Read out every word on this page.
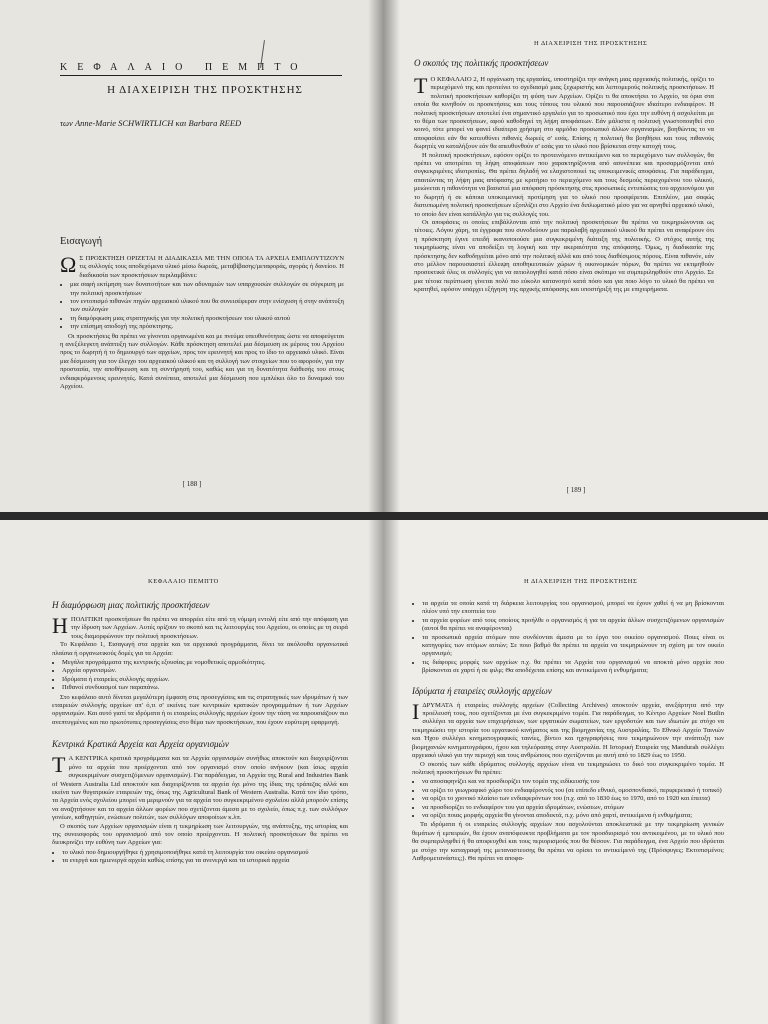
ΚΕΦΑΛΑΙΟ ΠΕΜΠΤΟ
Η ΔΙΑΧΕΙΡΙΣΗ ΤΗΣ ΠΡΟΣΚΤΗΣΗΣ
των Anne-Marie SCHWIRTLICH και Barbara REED
Εισαγωγή

Ω Σ ΠΡΟΣΚΤΗΣΗ ΟΡΙΖΕΤΑΙ Η ΔΙΑΔΙΚΑΣΙΑ ΜΕ ΤΗΝ ΟΠΟΙΑ ΤΑ ΑΡΧΕΙΑ ΕΜΠΛΟΥΤΙΖΟΥΝ τις συλλογές τους αποδεχόμενα υλικό μέσω δωρεάς, μεταβίβασης/μεταφοράς, αγοράς ή δανείου. Η διαδικασία των προσκτήσεων περιλαμβάνει:

• μια σαφή εκτίμηση των δυνατοτήτων και των αδυναμιών των υπαρχουσών συλλογών σε σύγκριση με την πολιτική προσκτήσεων
• τον εντοπισμό πιθανών πηγών αρχειακού υλικού που θα συνεισέφεραν στην ενίσχυση ή στην ανάπτυξη των συλλογών
• τη διαμόρφωση μιας στρατηγικής για την πολιτική προσκτήσεων του υλικού αυτού
• την επίσημη αποδοχή της πρόσκτησης.

Οι προσκτήσεις θα πρέπει να γίνονται οργανωμένα και με πνεύμα υπευθυνότητας ώστε να αποφεύγεται η ανεξέλεγκτη ανάπτυξη των συλλογών. Κάθε πρόσκτηση αποτελεί μια δέσμευση εκ μέρους του Αρχείου προς το δωρητή ή το δημιουργό των αρχείων, προς τον ερευνητή και προς το ίδιο το αρχειακό υλικό. Είναι μια δέσμευση για τον έλεγχο του αρχειακού υλικού και τη συλλογή των στοιχείων που το αφορούν, για την προστασία, την αποθήκευση και τη συντήρησή του, καθώς και για τη δυνατότητα διάθεσής του στους ενδιαφερόμενους ερευνητές. Κατά συνέπεια, αποτελεί μια δέσμευση που εμπλέκει όλο το δυναμικό του Αρχείου.

[ 188 ]
Η ΔΙΑΧΕΙΡΙΣΗ ΤΗΣ ΠΡΟΣΚΤΗΣΗΣ
Ο σκοπός της πολιτικής προσκτήσεων

Τ Ο ΚΕΦΑΛΑΙΟ 2, Η οργάνωση της εργασίας, υποστηρίζει την ανάγκη μιας αρχειακής πολιτικής, ορίζει το περιεχόμενό της και προτείνει το σχεδιασμό μιας ξεχωριστής και λεπτομερούς πολιτικής προσκτήσεων. Η πολιτική προσκτήσεων καθορίζει τη φύση των Αρχείων. Ορίζει τι θα αποκτήσει το Αρχείο, τα όρια στα οποία θα κινηθούν οι προσκτήσεις και τους τύπους του υλικού που παρουσιάζουν ιδιαίτερο ενδιαφέρον. Η πολιτική προσκτήσεων αποτελεί ένα σημαντικό εργαλείο για το προσωπικό που έχει την ευθύνη ή ασχολείται με το θέμα των προσκτήσεων, αφού καθοδηγεί τη λήψη αποφάσεων. Εάν μάλιστα η πολιτική γνωστοποιηθεί στο κοινό, τότε μπορεί να φανεί ιδιαίτερα χρήσιμη στο αρμόδιο προσωπικό άλλων οργανισμών, βοηθώντας το να αποφασίσει εάν θα κατευθύνει πιθανές δωρεές σ' εσάς. Επίσης η πολιτική θα βοηθήσει και τους πιθανούς δωρητές να καταλήξουν εάν θα απευθυνθούν σ' εσάς για το υλικό που βρίσκεται στην κατοχή τους.

Η πολιτική προσκτήσεων, εφόσον ορίζει το προτεινόμενο αντικείμενο και το περιεχόμενο των συλλογών, θα πρέπει να αποτρέπει τη λήψη αποφάσεων που χαρακτηρίζονται από ασυνέπεια και προσαρμόζονται από συγκεκριμένες ιδιοτροπίες. Θα πρέπει δηλαδή να ελαχιστοποιεί τις υποκειμενικές αποφάσεις. Για παράδειγμα, απαιτώντας τη λήψη μιας απόφασης με κριτήριο το περιεχόμενο και τους δεσμούς περιεχομένου του υλικού, μειώνεται η πιθανότητα να βασιστεί μια απόφαση πρόσκτησης στις προσωπικές εντυπώσεις του αρχειονόμου για το δωρητή ή σε κάποια υποκειμενική προτίμηση για το υλικό που προσφέρεται. Επιπλέον, μια σαφώς διατυπωμένη πολιτική προσκτήσεων εξοπλίζει στο Αρχείο ένα διπλωματικό μέσο για να αρνηθεί αρχειακό υλικό, το οποίο δεν είναι κατάλληλο για τις συλλογές του.

Οι αποφάσεις οι οποίες επιβάλλονται από την πολιτική προσκτήσεων θα πρέπει να τεκμηριώνονται ως τέτοιες. Λόγου χάρη, τα έγγραφα που συνοδεύουν μια παραλαβή αρχειακού υλικού θα πρέπει να αναφέρουν ότι η πρόσκτηση έγινε επειδή ικανοποιούσε μια συγκεκριμένη διάταξη της πολιτικής. Ο στόχος αυτής της τεκμηρίωσης είναι να αποδείξει τη λογική και την ακεραιότητα της απόφασης. Όμως, η διαδικασία της πρόσκτησης δεν καθοδηγείται μόνο από την πολιτική αλλά και από τους διαθέσιμους πόρους. Είναι πιθανόν, εάν στο μέλλον παρουσιαστεί έλλειψη αποθηκευτικών χώρων ή οικονομικών πόρων, θα πρέπει να εκτιμηθούν προσεκτικά όλες οι συλλογές για να αιτιολογηθεί κατά πόσο είναι σκόπιμο να συμπεριληφθούν στο Αρχείο. Σε μια τέτοια περίπτωση γίνεται πολύ πιο εύκολο κατανοητό κατά πόσο και για ποιο λόγο το υλικό θα πρέπει να κρατηθεί, εφόσον υπάρχει εξήγηση της αρχικής απόφασης και υποστήριξή της με επιχειρήματα.

[ 189 ]
ΚΕΦΑΛΑΙΟ ΠΕΜΠΤΟ
Η διαμόρφωση μιας πολιτικής προσκτήσεων

ΗΠΟΛΙΤΙΚΗ προσκτήσεων θα πρέπει να απορρέει είτε από τη νόμιμη εντολή είτε από την απόφαση για την ίδρυση των Αρχείων. Αυτές ορίζουν το σκοπό και τις λειτουργίες του Αρχείου, οι οποίες με τη σειρά τους διαμορφώνουν την πολιτική προσκτήσεων.

Το Κεφάλαιο 1, Εισαγωγή στα αρχεία και τα αρχειακά προγράμματα, δίνει τα ακόλουθα οργανωτικά πλαίσια ή οργανωτικούς δομές για τα Αρχεία:

• Μεγάλα προγράμματα της κεντρικής εξουσίας με νομοθετικές αρμοδιότητες.
• Αρχεία οργανισμών.
• Ιδρύματα ή εταιρείες συλλογής αρχείων.
• Πιθανοί συνδυασμοί των παραπάνω.

Στο κεφάλαιο αυτό δίνεται μεγαλύτερη έμφαση στις προσεγγίσεις και τις στρατηγικές των ιδρυμάτων ή των εταιρειών συλλογής αρχείων απ' ό,τι σ' εκείνες των κεντρικών κρατικών προγραμμάτων ή των Αρχείων οργανισμών. Και αυτό γιατί τα ιδρύματα ή οι εταιρείες συλλογής αρχείων έχουν την τάση να παρουσιάζουν πιο ανεπτυγμένες και πιο πρωτότυπες προσεγγίσεις στο θέμα των προσκτήσεων, που έχουν ευρύτερη εφαρμογή.

Κεντρικά Κρατικά Αρχεία και Αρχεία οργανισμών

Τ Α ΚΕΝΤΡΙΚΑ κρατικά προγράμματα και τα Αρχεία οργανισμών συνήθως αποκτούν και διαχειρίζονται μόνο τα αρχεία που προέρχονται από τον οργανισμό στον οποίο ανήκουν (και ίσως αρχεία συγκεκριμένων συσχετιζόμενων οργανισμών). Για παράδειγμα, τα Αρχεία της Rural and Industries Bank of Western Australia Ltd αποκτούν και διαχειρίζονται τα αρχεία όχι μόνο της ίδιας της τράπεζας αλλά και εκείνα των θυγατρικών εταιρειών της, όπως της Agricultural Bank of Western Australia. Κατά τον ίδιο τρόπο, τα Αρχεία ενός σχολείου μπορεί να μεριμνούν για τα αρχεία του συγκεκριμένου σχολείου αλλά μπορούν επίσης να αναζητήσουν και τα αρχεία άλλων φορέων που σχετίζονται άμεσα με το σχολείο, όπως π.χ. των συλλόγων γονέων, καθηγητών, ενώσεων πολιτών, των συλλόγων αποφοίτων κ.λπ.

Ο σκοπός των Αρχείων οργανισμών είναι η τεκμηρίωση των λειτουργιών, της ανάπτυξης, της ιστορίας και της συνεισφοράς του οργανισμού από τον οποίο προέρχονται. Η πολιτική προσκτήσεων θα πρέπει να διευκρινίζει την ευθύνη των Αρχείων για:

• το υλικό που δημιουργήθηκε ή χρησιμοποιήθηκε κατά τη λειτουργία του οικείου οργανισμού
• τα ενεργά και ημιενεργά αρχεία καθώς επίσης για τα ανενεργά και τα ιστορικά αρχεία
Η ΔΙΑΧΕΙΡΙΣΗ ΤΗΣ ΠΡΟΣΚΤΗΣΗΣ
• τα αρχεία τα οποία κατά τη διάρκεια λειτουργίας του οργανισμού, μπορεί να έχουν χαθεί ή να μη βρίσκονται πλέον υπό την εποπτεία του
• τα αρχεία φορέων από τους οποίους προήλθε ο οργανισμός ή για τα αρχεία άλλων συσχετιζόμενων οργανισμών (αυτοί θα πρέπει να αναφέρονται)
• τα προσωπικά αρχεία ατόμων που συνδέονται άμεσα με το έργο του οικείου οργανισμού. Ποιες είναι οι κατηγορίες των ατόμων αυτών; Σε ποιο βαθμό θα πρέπει τα αρχεία να τεκμηριώνουν τη σχέση με τον οικείο οργανισμό;
• τις διάφορες μορφές των αρχείων π.χ. θα πρέπει τα Αρχεία του οργανισμού να αποκτά μόνο αρχεία που βρίσκονται σε χαρτί ή σε φιλμ; Θα αποδέχεται επίσης και αντικείμενα ή ενθυμήματα;
Ιδρύματα ή εταιρείες συλλογής αρχείων

ΙΔΡΥΜΑΤΑ ή εταιρείες συλλογής αρχείων (Collecting Archives) αποκτούν αρχεία, ανεξάρτητα από την προέλευσή τους, που σχετίζονται με ένα συγκεκριμένο τομέα. Για παράδειγμα, το Κέντρο Αρχείων Noel Butlin συλλέγει τα αρχεία των επιχειρήσεων, των εργατικών σωματείων, των εργοδοτών και των ιδιωτών με στόχο να τεκμηριώσει την ιστορία του εργατικού κινήματος και της βιομηχανίας της Αυστραλίας. Το Εθνικό Αρχείο Ταινιών και Ήχου συλλέγει κινηματογραφικές ταινίες, βίντεο και ηχογραφήσεις που τεκμηριώνουν την ανάπτυξη των βιομηχανιών κινηματογράφου, ήχου και τηλεόρασης στην Αυστραλία. Η Ιστορική Εταιρεία της Mandurah συλλέγει αρχειακό υλικό για την περιοχή και τους ανθρώπους που σχετίζονται με αυτή από το 1829 έως το 1950.

Ο σκοπός των κάθε ιδρύματος συλλογής αρχείων είναι να τεκμηριώσει το δικό του συγκεκριμένο τομέα. Η πολιτική προσκτήσεων θα πρέπει:

• να αποσαφηνίζει και να προσδιορίζει τον τομέα της ειδίκευσής του
• να ορίζει το γεωγραφικό χώρο του ενδιαφέροντός του (σε επίπεδο εθνικό, ομοσπονδιακό, περιφερειακό ή τοπικό)
• να ορίζει το χρονικό πλαίσιο των ενδιαφερόντων του (π.χ. από το 1830 έως το 1970, από το 1920 και έπειτα)
• να προσδιορίζει το ενδιαφέρον του για αρχεία ιδρυμάτων, ενώσεων, ατόμων
• να ορίζει ποιας μορφής αρχεία θα γίνονται αποδεκτά, π.χ. μόνο από χαρτί, αντικείμενα ή ενθυμήματα;

Τα ιδρύματα ή οι εταιρείες συλλογής αρχείων που ασχολούνται αποκλειστικά με την τεκμηρίωση γενικών θεμάτων ή εμπειριών, θα έχουν αναπόφευκτα προβλήματα με τον προσδιορισμό του αντικειμένου, με το υλικό που θα συμπεριληφθεί ή θα αποφευχθεί και τους περιορισμούς που θα θέσουν. Για παράδειγμα, ένα Αρχείο που ιδρύεται με στόχο την καταγραφή της μεταναστευσης θα πρέπει να ορίσει το αντικείμενό της (Πρόσφυγες; Εκτοπισμένοι; Λαθρομετανάστες;). Θα πρέπει να αποφα-
